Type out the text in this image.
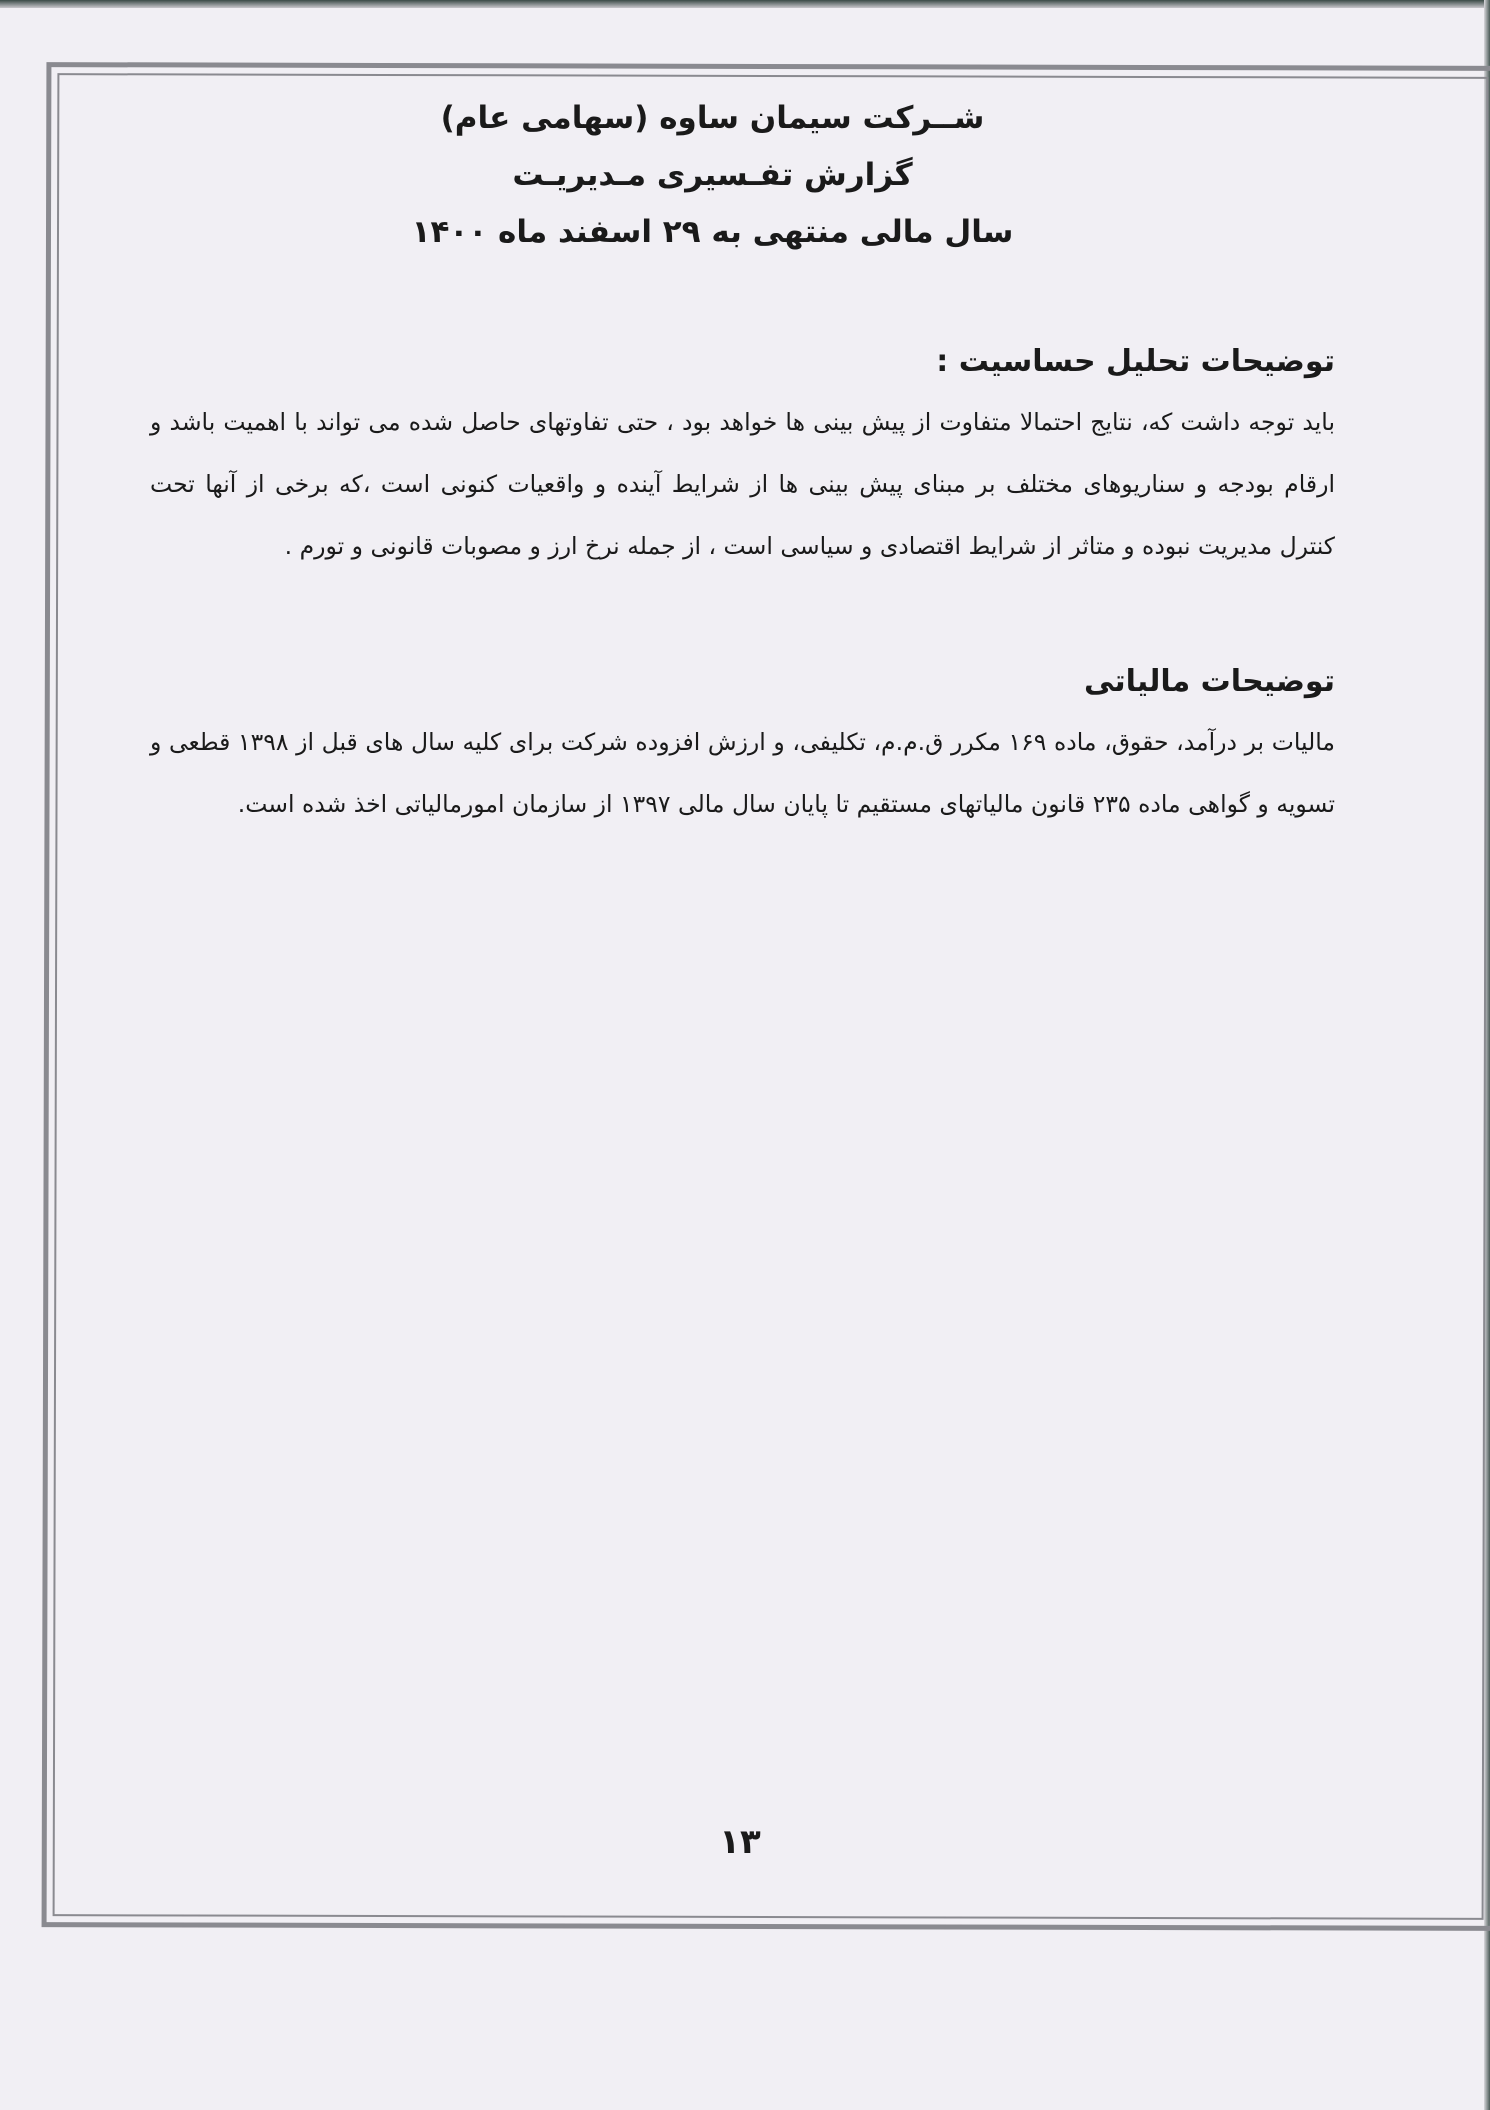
شــرکت سیمان ساوه (سهامی عام)
گزارش تفـسیری مـدیریـت
سال مالی منتهی به ۲۹ اسفند ماه ۱۴۰۰
توضیحات تحلیل حساسیت :
باید توجه داشت که، نتایج احتمالا متفاوت از پیش بینی ها خواهد بود ، حتی تفاوتهای حاصل شده می تواند با اهمیت باشد و ارقام بودجه و سناریوهای مختلف بر مبنای پیش بینی ها از شرایط آینده و واقعیات کنونی است ،که برخی از آنها تحت کنترل مدیریت نبوده و متاثر از شرایط اقتصادی و سیاسی است ، از جمله نرخ ارز و مصوبات قانونی و تورم .
توضیحات مالیاتی
مالیات بر درآمد، حقوق، ماده ۱۶۹ مکرر ق.م.م، تکلیفی، و ارزش افزوده شرکت برای کلیه سال های قبل از ۱۳۹۸ قطعی و تسویه و گواهی ماده ۲۳۵ قانون مالیاتهای مستقیم تا پایان سال مالی ۱۳۹۷ از سازمان امورمالیاتی اخذ شده است.
۱۳
